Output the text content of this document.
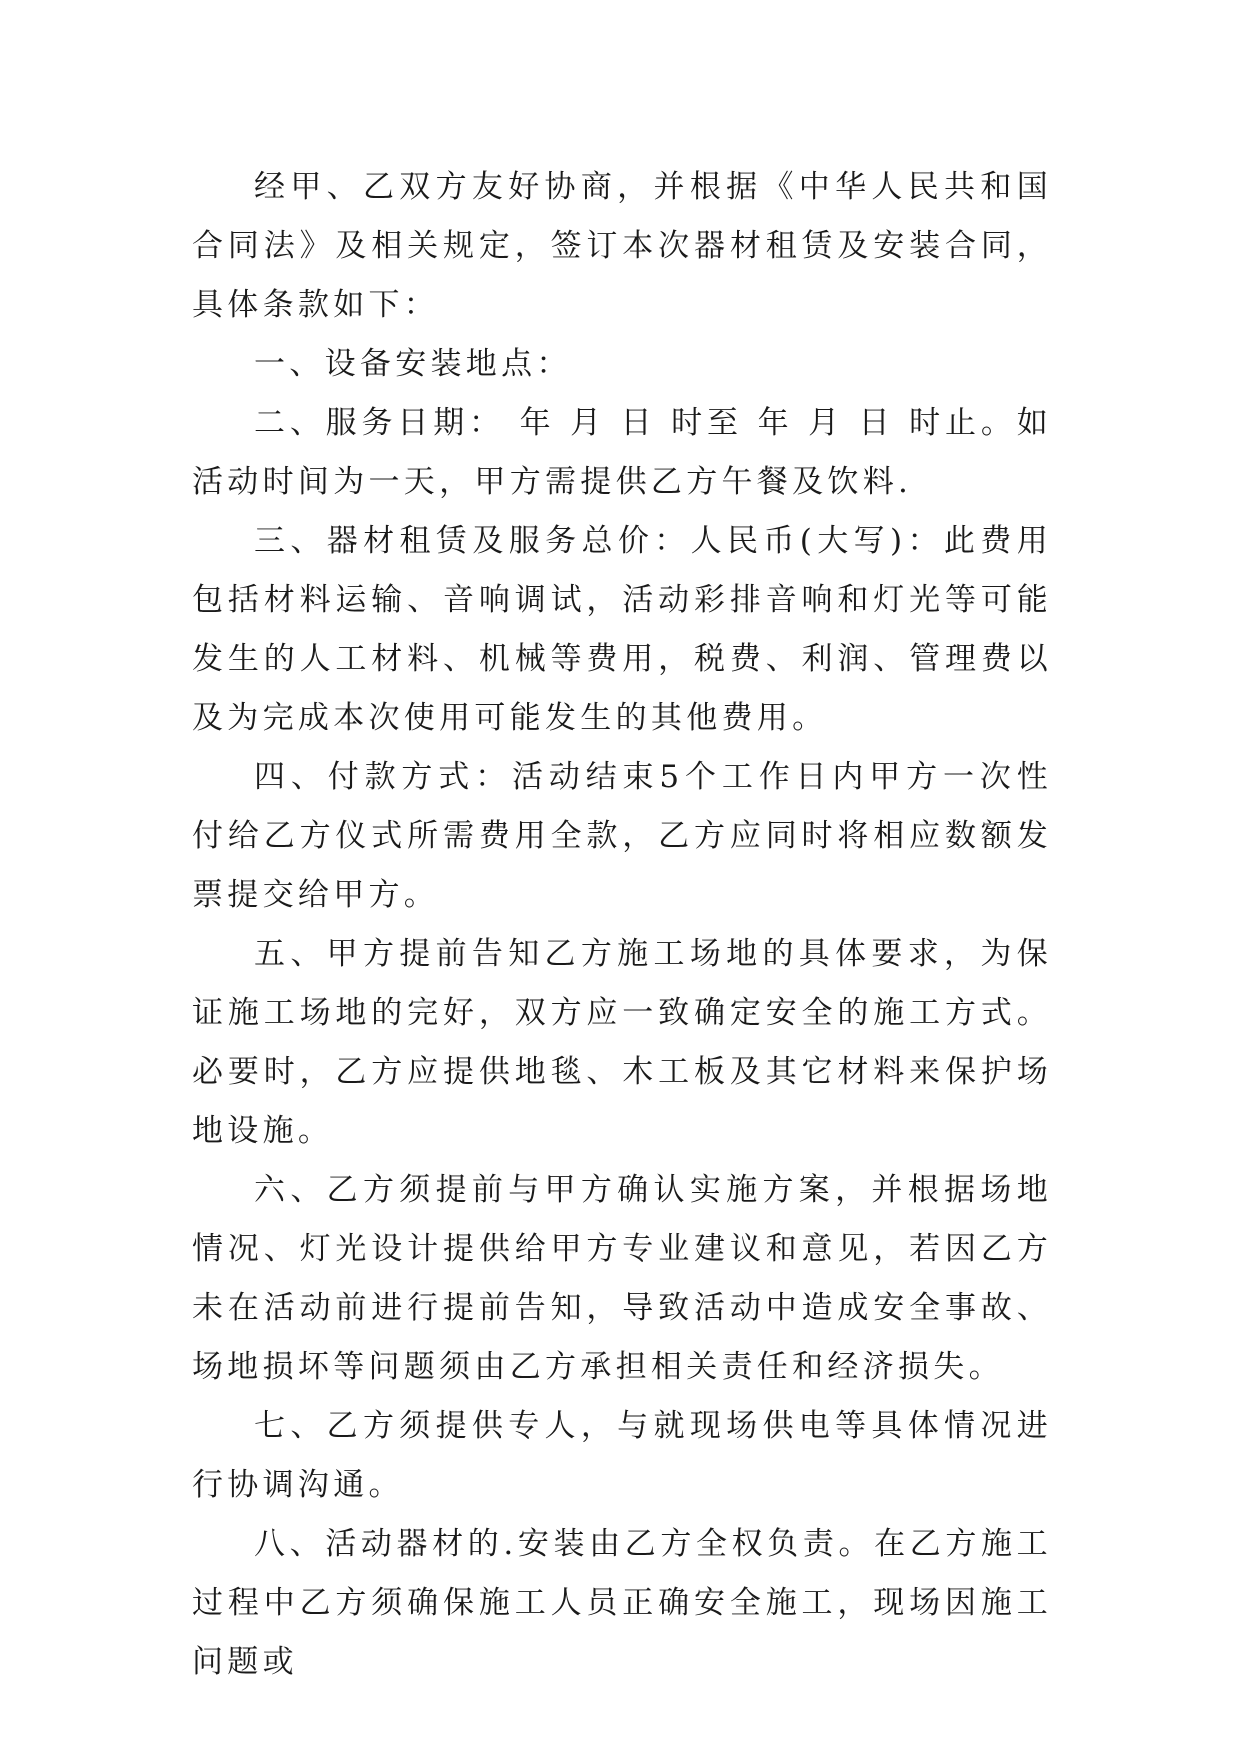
经甲、乙双方友好协商，并根据《中华人民共和国合同法》及相关规定，签订本次器材租赁及安装合同，具体条款如下：

一、设备安装地点：

二、服务日期： 年 月 日 时至 年 月 日 时止。如活动时间为一天，甲方需提供乙方午餐及饮料.

三、器材租赁及服务总价：人民币(大写)：此费用包括材料运输、音响调试，活动彩排音响和灯光等可能发生的人工材料、机械等费用，税费、利润、管理费以及为完成本次使用可能发生的其他费用。

四、付款方式：活动结束5个工作日内甲方一次性付给乙方仪式所需费用全款，乙方应同时将相应数额发票提交给甲方。

五、甲方提前告知乙方施工场地的具体要求，为保证施工场地的完好，双方应一致确定安全的施工方式。必要时，乙方应提供地毯、木工板及其它材料来保护场地设施。

六、乙方须提前与甲方确认实施方案，并根据场地情况、灯光设计提供给甲方专业建议和意见，若因乙方未在活动前进行提前告知，导致活动中造成安全事故、场地损坏等问题须由乙方承担相关责任和经济损失。

七、乙方须提供专人，与就现场供电等具体情况进行协调沟通。

八、活动器材的.安装由乙方全权负责。在乙方施工过程中乙方须确保施工人员正确安全施工，现场因施工问题或
